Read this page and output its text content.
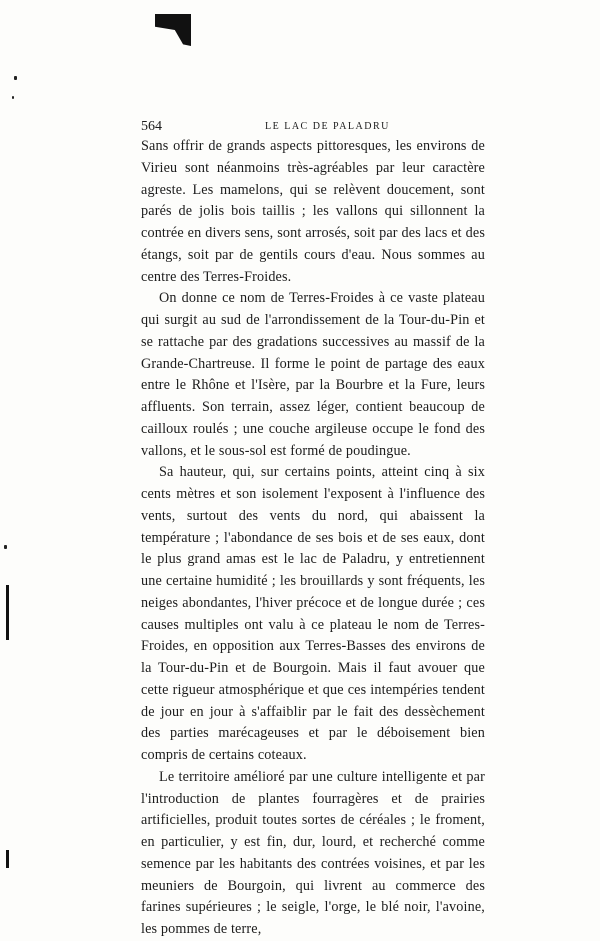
564	LE LAC DE PALADRU

Sans offrir de grands aspects pittoresques, les environs de Virieu sont néanmoins très-agréables par leur caractère agreste. Les mamelons, qui se relèvent doucement, sont parés de jolis bois taillis ; les vallons qui sillonnent la contrée en divers sens, sont arrosés, soit par des lacs et des étangs, soit par de gentils cours d'eau. Nous sommes au centre des Terres-Froides.

On donne ce nom de Terres-Froides à ce vaste plateau qui surgit au sud de l'arrondissement de la Tour-du-Pin et se rattache par des gradations successives au massif de la Grande-Chartreuse. Il forme le point de partage des eaux entre le Rhône et l'Isère, par la Bourbre et la Fure, leurs affluents. Son terrain, assez léger, contient beaucoup de cailloux roulés ; une couche argileuse occupe le fond des vallons, et le sous-sol est formé de poudingue.

Sa hauteur, qui, sur certains points, atteint cinq à six cents mètres et son isolement l'exposent à l'influence des vents, surtout des vents du nord, qui abaissent la température ; l'abondance de ses bois et de ses eaux, dont le plus grand amas est le lac de Paladru, y entretiennent une certaine humidité ; les brouillards y sont fréquents, les neiges abondantes, l'hiver précoce et de longue durée ; ces causes multiples ont valu à ce plateau le nom de Terres-Froides, en opposition aux Terres-Basses des environs de la Tour-du-Pin et de Bourgoin. Mais il faut avouer que cette rigueur atmosphérique et que ces intempéries tendent de jour en jour à s'affaiblir par le fait des dessèchement des parties marécageuses et par le déboisement bien compris de certains coteaux.

Le territoire amélioré par une culture intelligente et par l'introduction de plantes fourragères et de prairies artificielles, produit toutes sortes de céréales ; le froment, en particulier, y est fin, dur, lourd, et recherché comme semence par les habitants des contrées voisines, et par les meuniers de Bourgoin, qui livrent au commerce des farines supérieures ; le seigle, l'orge, le blé noir, l'avoine, les pommes de terre,
